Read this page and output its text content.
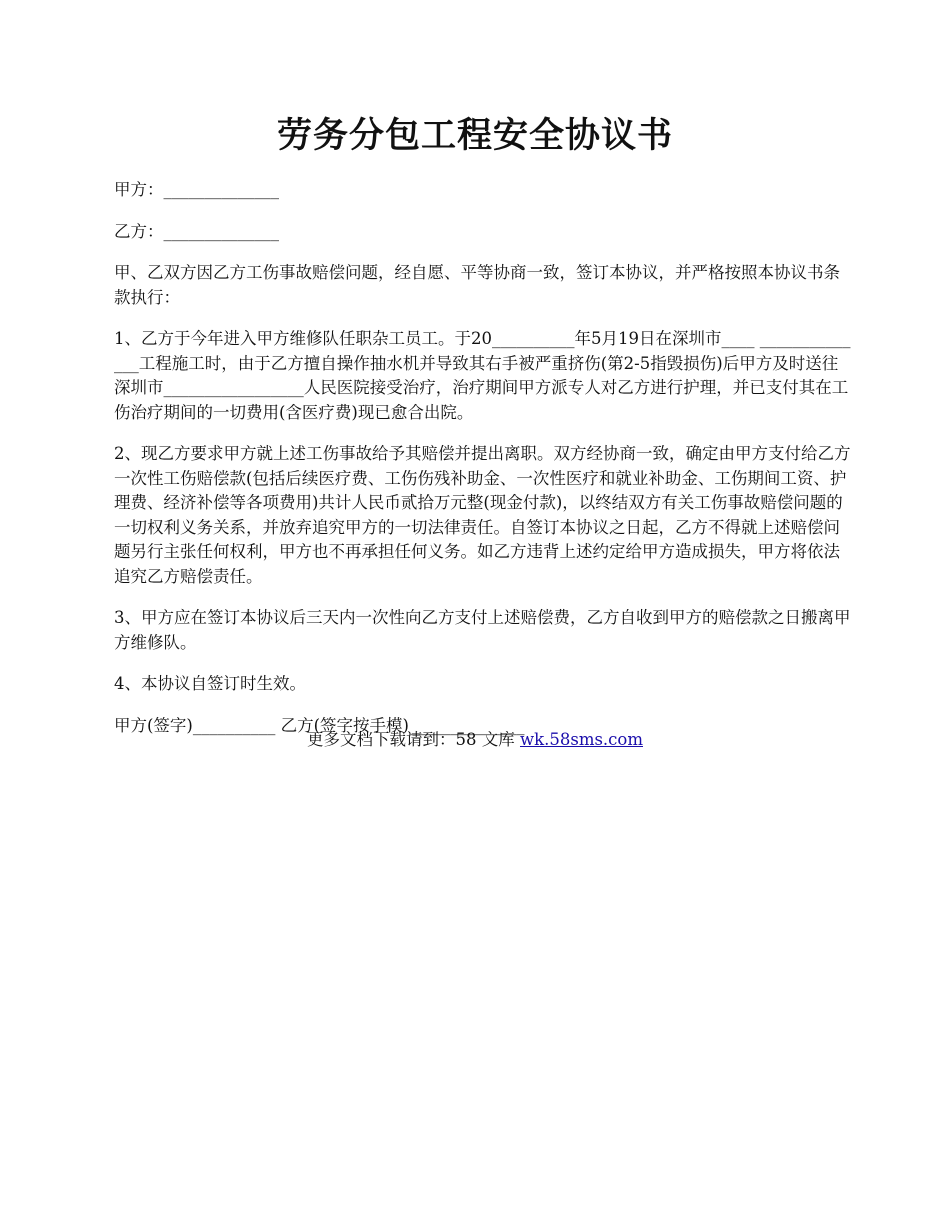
劳务分包工程安全协议书

甲方：______________

乙方：______________

甲、乙双方因乙方工伤事故赔偿问题，经自愿、平等协商一致，签订本协议，并严格按照本协议书条款执行：

1、乙方于今年进入甲方维修队任职杂工员工。于20__________年5月19日在深圳市____ ______________工程施工时，由于乙方擅自操作抽水机并导致其右手被严重挤伤(第2-5指毁损伤)后甲方及时送往深圳市_________________人民医院接受治疗，治疗期间甲方派专人对乙方进行护理，并已支付其在工伤治疗期间的一切费用(含医疗费)现已愈合出院。

2、现乙方要求甲方就上述工伤事故给予其赔偿并提出离职。双方经协商一致，确定由甲方支付给乙方一次性工伤赔偿款(包括后续医疗费、工伤伤残补助金、一次性医疗和就业补助金、工伤期间工资、护理费、经济补偿等各项费用)共计人民币贰拾万元整(现金付款)，以终结双方有关工伤事故赔偿问题的一切权利义务关系，并放弃追究甲方的一切法律责任。自签订本协议之日起，乙方不得就上述赔偿问题另行主张任何权利，甲方也不再承担任何义务。如乙方违背上述约定给甲方造成损失，甲方将依法追究乙方赔偿责任。

3、甲方应在签订本协议后三天内一次性向乙方支付上述赔偿费，乙方自收到甲方的赔偿款之日搬离甲方维修队。

4、本协议自签订时生效。

甲方(签字)__________ 乙方(签字按手模)______________

更多文档下载请到：58 文库 wk.58sms.com
